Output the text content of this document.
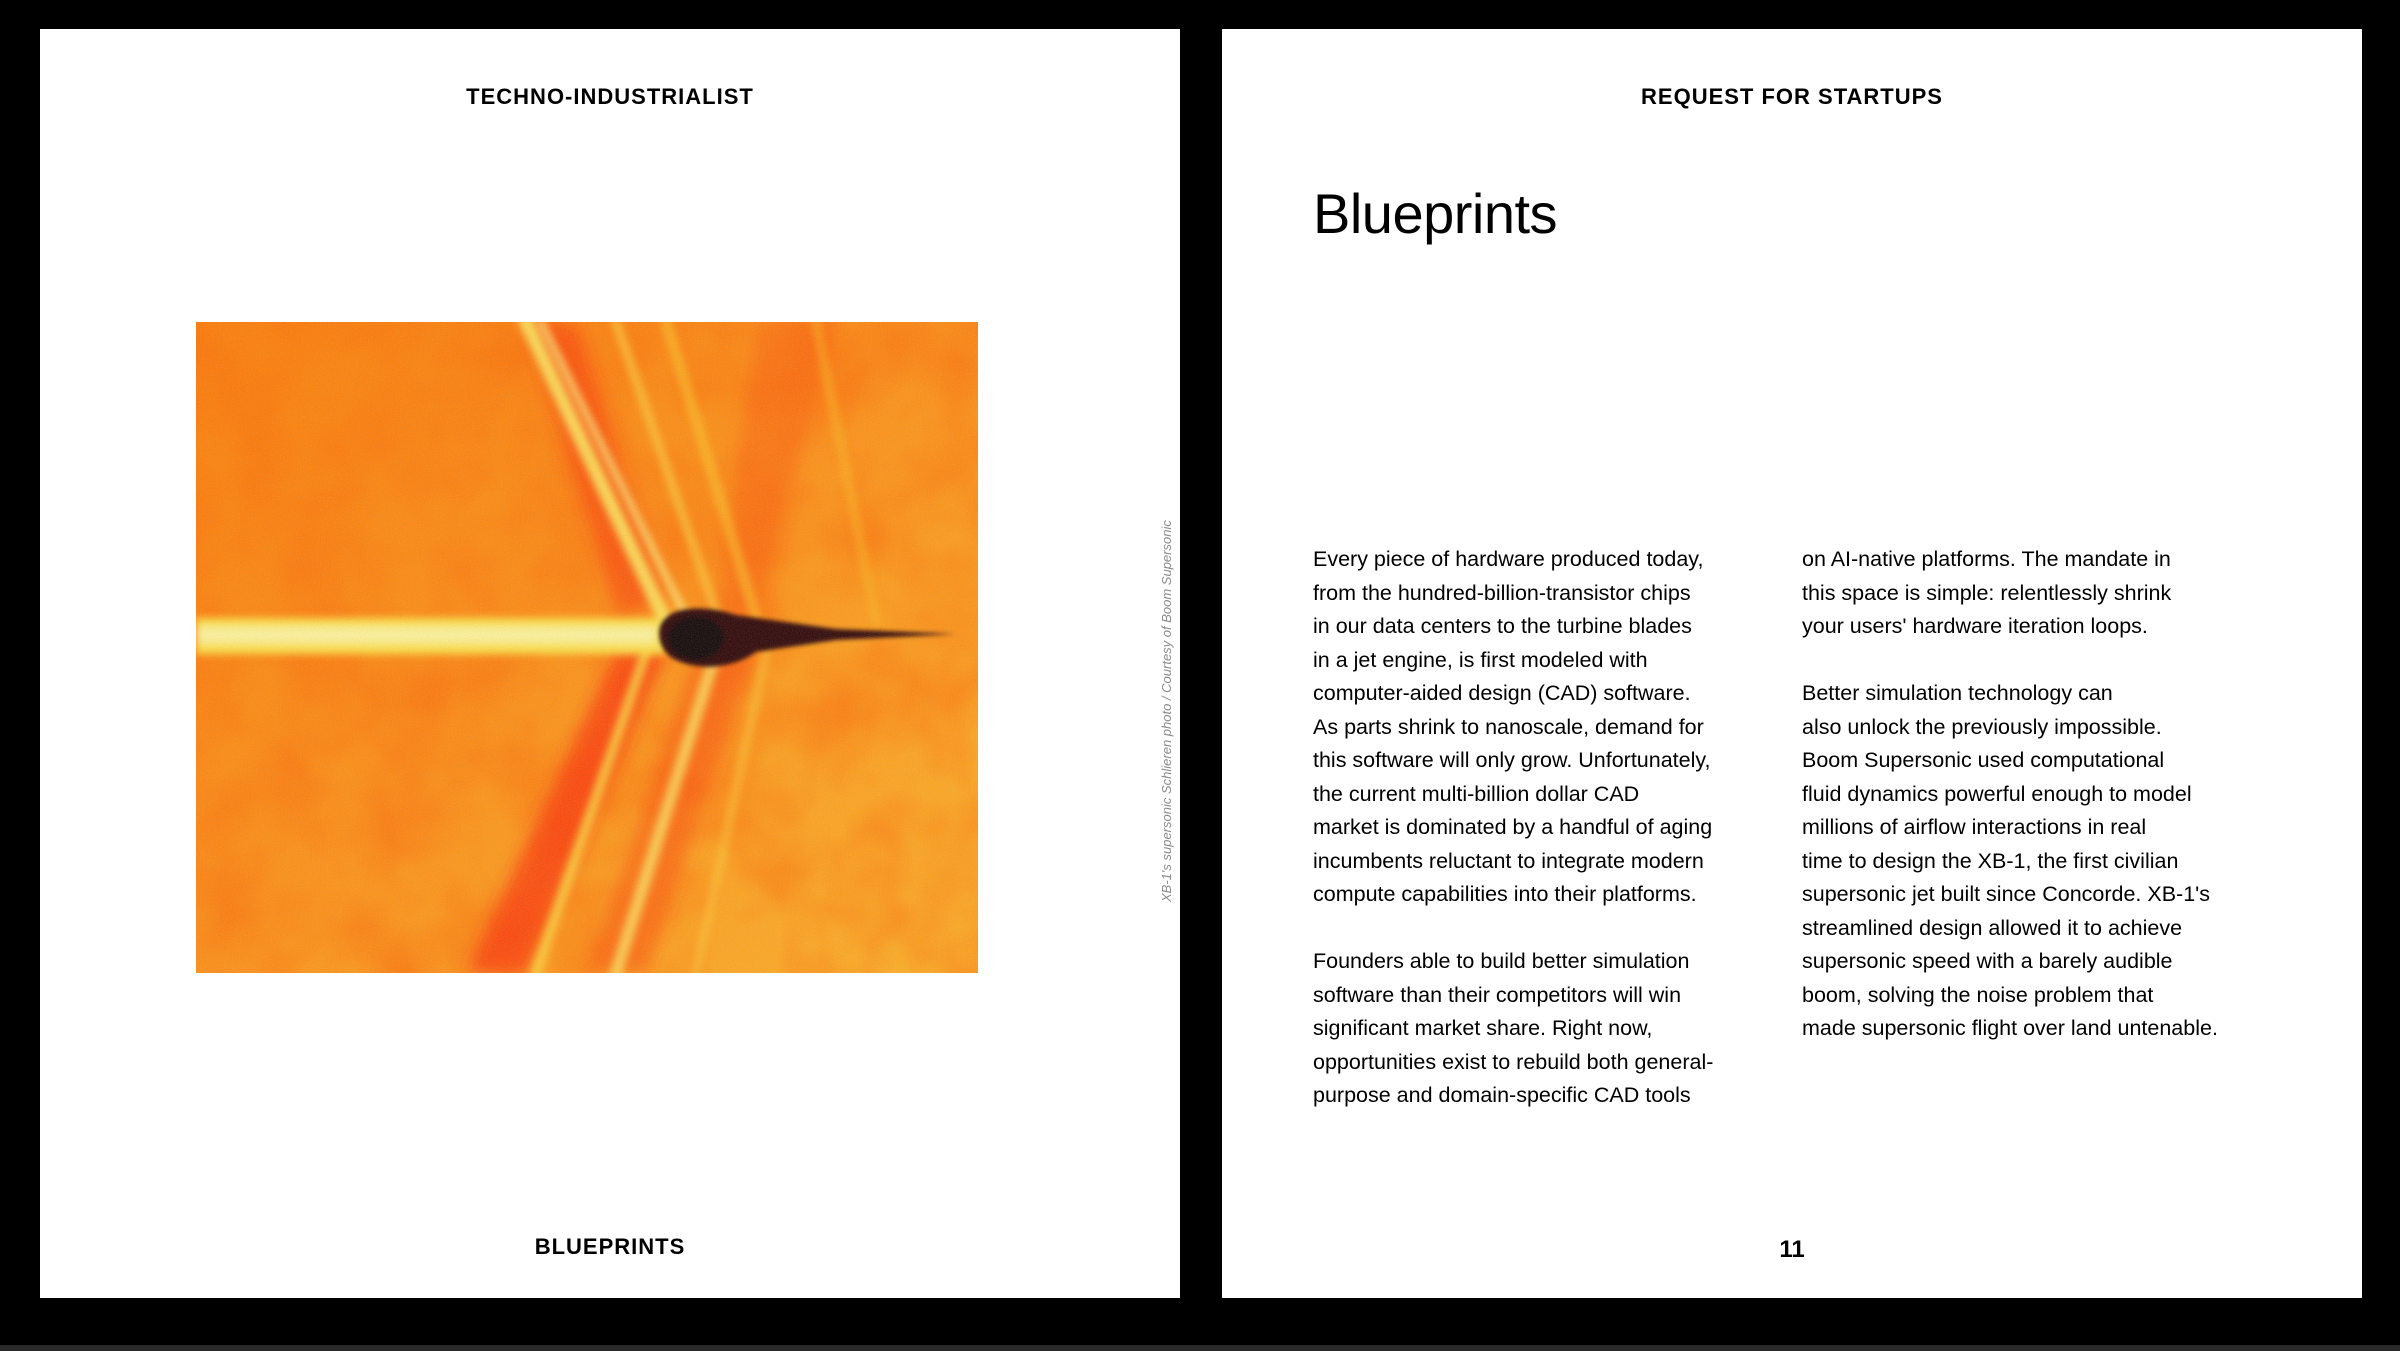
TECHNO-INDUSTRIALIST
XB-1's supersonic Schlieren photo / Courtesy of Boom Supersonic
BLUEPRINTS
REQUEST FOR STARTUPS
Blueprints

Every piece of hardware produced today,
from the hundred-billion-transistor chips
in our data centers to the turbine blades
in a jet engine, is first modeled with
computer-aided design (CAD) software.
As parts shrink to nanoscale, demand for
this software will only grow. Unfortunately,
the current multi-billion dollar CAD
market is dominated by a handful of aging
incumbents reluctant to integrate modern
compute capabilities into their platforms.

Founders able to build better simulation
software than their competitors will win
significant market share. Right now,
opportunities exist to rebuild both general-
purpose and domain-specific CAD tools

on AI-native platforms. The mandate in
this space is simple: relentlessly shrink
your users' hardware iteration loops.

Better simulation technology can
also unlock the previously impossible.
Boom Supersonic used computational
fluid dynamics powerful enough to model
millions of airflow interactions in real
time to design the XB-1, the first civilian
supersonic jet built since Concorde. XB-1's
streamlined design allowed it to achieve
supersonic speed with a barely audible
boom, solving the noise problem that
made supersonic flight over land untenable.

11
